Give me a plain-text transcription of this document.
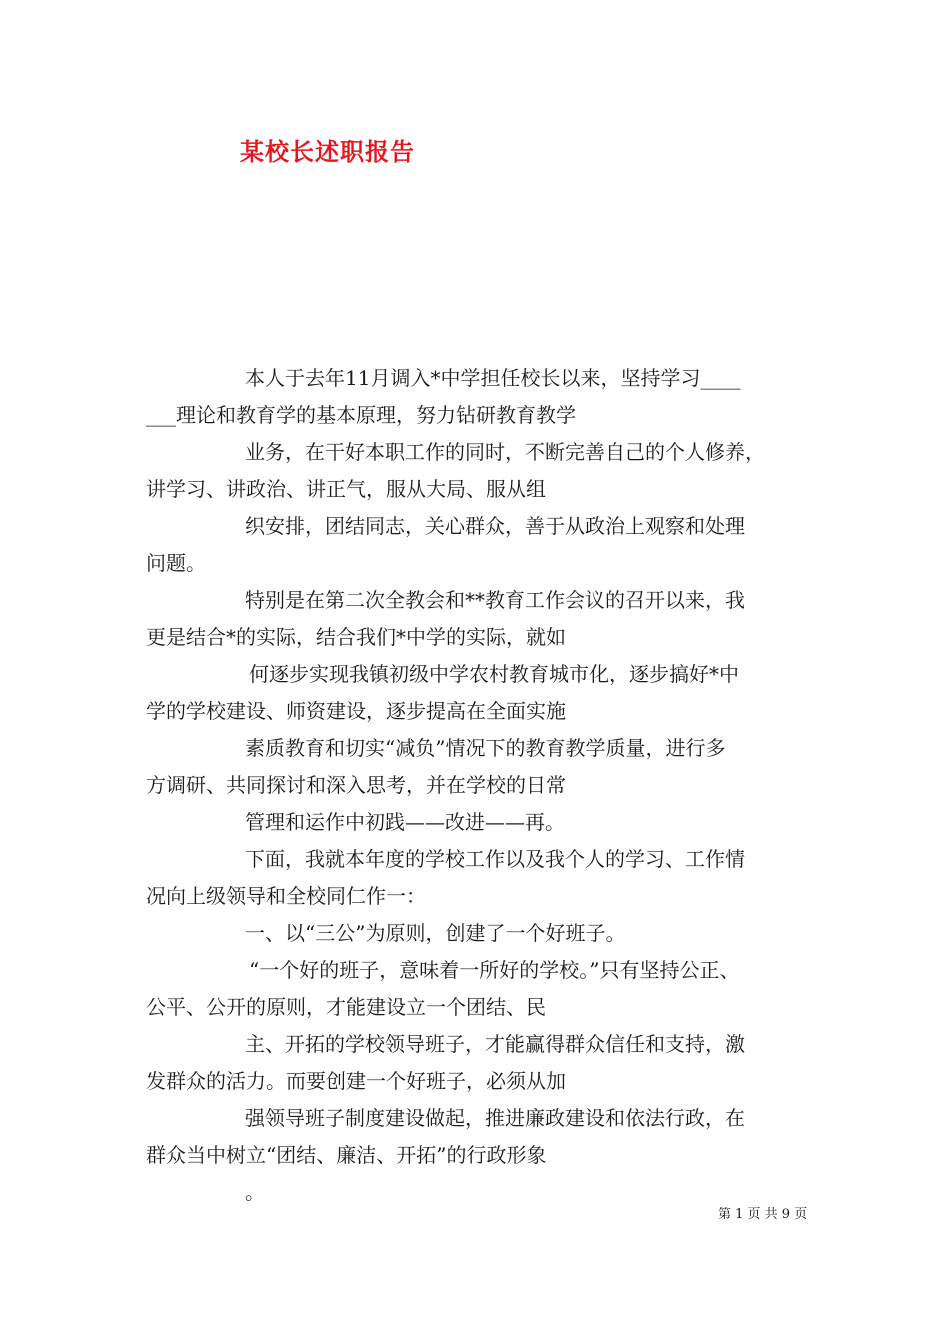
某校长述职报告
本人于去年11月调入*中学担任校长以来，坚持学习____
___理论和教育学的基本原理，努力钻研教育教学
业务，在干好本职工作的同时，不断完善自己的个人修养，
讲学习、讲政治、讲正气，服从大局、服从组
织安排，团结同志，关心群众，善于从政治上观察和处理
问题。
特别是在第二次全教会和**教育工作会议的召开以来，我
更是结合*的实际，结合我们*中学的实际，就如
何逐步实现我镇初级中学农村教育城市化，逐步搞好*中
学的学校建设、师资建设，逐步提高在全面实施
素质教育和切实“减负”情况下的教育教学质量，进行多
方调研、共同探讨和深入思考，并在学校的日常
管理和运作中初践——改进——再。
下面，我就本年度的学校工作以及我个人的学习、工作情
况向上级领导和全校同仁作一：
一、以“三公”为原则，创建了一个好班子。
“一个好的班子，意味着一所好的学校。”只有坚持公正、
公平、公开的原则，才能建设立一个团结、民
主、开拓的学校领导班子，才能赢得群众信任和支持，激
发群众的活力。而要创建一个好班子，必须从加
强领导班子制度建设做起，推进廉政建设和依法行政，在
群众当中树立“团结、廉洁、开拓”的行政形象
。
第 1 页 共 9 页
